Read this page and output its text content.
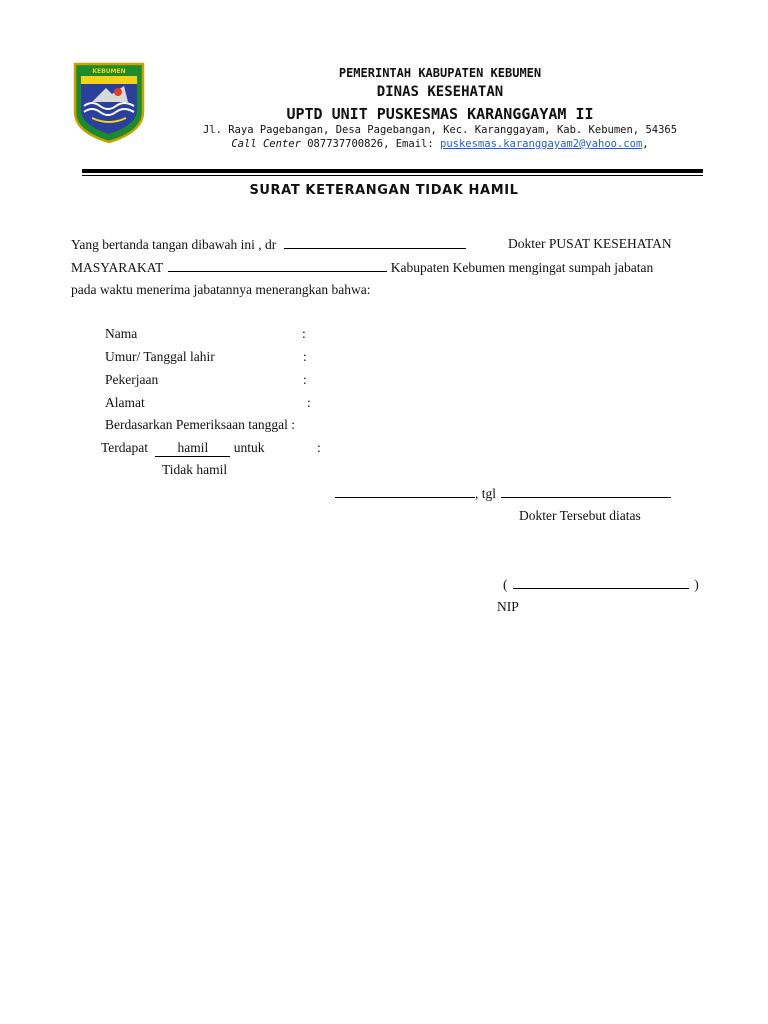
KEBUMEN	PEMERINTAH KABUPATEN KEBUMEN
DINAS KESEHATAN
UPTD UNIT PUSKESMAS KARANGGAYAM II
Jl. Raya Pagebangan, Desa Pagebangan, Kec. Karanggayam, Kab. Kebumen, 54365
Call Center 087737700826, Email: puskesmas.karanggayam2@yahoo.com,
SURAT KETERANGAN TIDAK HAMIL
Yang bertanda tangan dibawah ini , dr	Dokter PUSAT KESEHATAN
MASYARAKAT	Kabupaten Kebumen mengingat sumpah jabatan
pada waktu menerima jabatannya menerangkan bahwa:
Nama	:
Umur/ Tanggal lahir	:
Pekerjaan	:
Alamat	:
Berdasarkan Pemeriksaan tanggal :
Terdapat hamil untuk	:
Tidak hamil
, tgl
Dokter Tersebut diatas
(	)
NIP
